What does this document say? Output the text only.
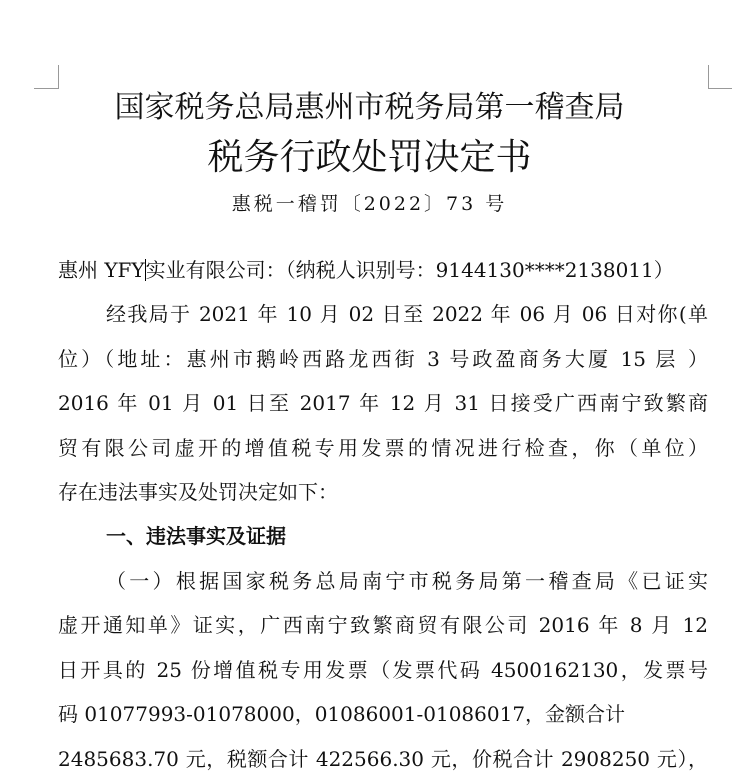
国家税务总局惠州市税务局第一稽查局
税务行政处罚决定书
惠税一稽罚〔2022〕73 号
惠州 YFY实业有限公司：（纳税人识别号：9144130****2138011）
经我局于 2021 年 10 月 02 日至 2022 年 06 月 06 日对你(单
位）（地址：惠州市鹅岭西路龙西街 3 号政盈商务大厦 15 层 ）
2016 年 01 月 01 日至 2017 年 12 月 31 日接受广西南宁致繁商
贸有限公司虚开的增值税专用发票的情况进行检查，你（单位）
存在违法事实及处罚决定如下：
一、违法事实及证据
（一）根据国家税务总局南宁市税务局第一稽查局《已证实
虚开通知单》证实，广西南宁致繁商贸有限公司 2016 年 8 月 12
日开具的 25 份增值税专用发票（发票代码 4500162130，发票号
码 01077993-01078000，01086001-01086017，金额合计
2485683.70 元，税额合计 422566.30 元，价税合计 2908250 元），
